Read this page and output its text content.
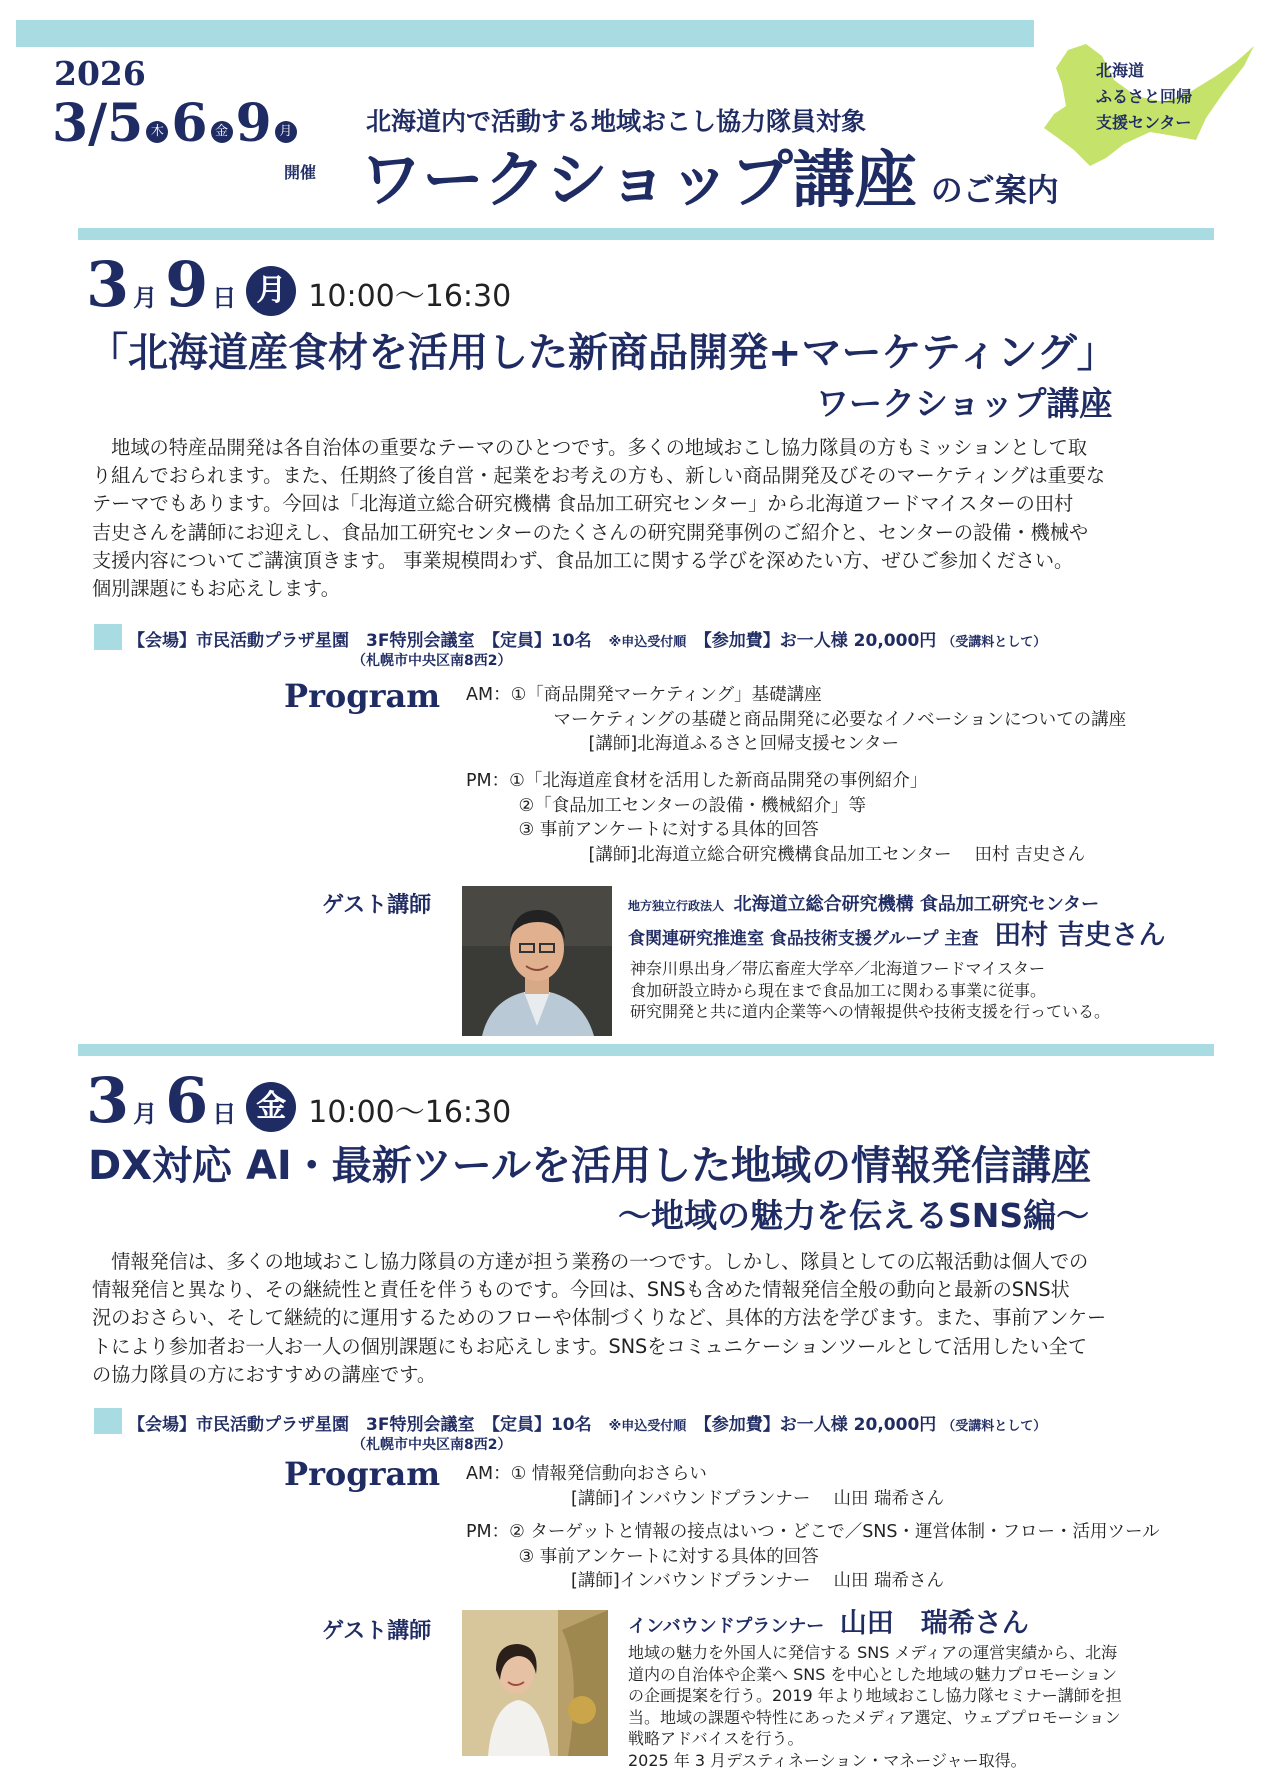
2026
3/5 木 6 金 9 月
開催
北海道内で活動する地域おこし協力隊員対象
ワークショップ講座 のご案内
北海道
ふるさと回帰
支援センター
3 月 9 日 月 10:00〜16:30
「北海道産食材を活用した新商品開発+マーケティング」
ワークショップ講座
　地域の特産品開発は各自治体の重要なテーマのひとつです。多くの地域おこし協力隊員の方もミッションとして取
り組んでおられます。また、任期終了後自営・起業をお考えの方も、新しい商品開発及びそのマーケティングは重要な
テーマでもあります。今回は「北海道立総合研究機構 食品加工研究センター」から北海道フードマイスターの田村
吉史さんを講師にお迎えし、食品加工研究センターのたくさんの研究開発事例のご紹介と、センターの設備・機械や
支援内容についてご講演頂きます。 事業規模問わず、食品加工に関する学びを深めたい方、ぜひご参加ください。
個別課題にもお応えします。
【会場】市民活動プラザ星園　3F特別会議室　 【定員】10名　 ※申込受付順　 【参加費】お一人様 20,000円 （受講料として）
（札幌市中央区南8西2）
Program AM：①「商品開発マーケティング」基礎講座
　　　　　マーケティングの基礎と商品開発に必要なイノベーションについての講座
　　　　　　　[講師]北海道ふるさと回帰支援センター
PM：①「北海道産食材を活用した新商品開発の事例紹介」
　　　②「食品加工センターの設備・機械紹介」等
　　　③ 事前アンケートに対する具体的回答
　　　　　　　[講師]北海道立総合研究機構食品加工センター　 田村 吉史さん
ゲスト講師	地方独立行政法人 北海道立総合研究機構 食品加工研究センター
食関連研究推進室 食品技術支援グループ 主査 田村 吉史さん
神奈川県出身／帯広畜産大学卒／北海道フードマイスター
食加研設立時から現在まで食品加工に関わる事業に従事。
研究開発と共に道内企業等への情報提供や技術支援を行っている。
3 月 6 日 金 10:00〜16:30
DX対応 AI・最新ツールを活用した地域の情報発信講座
〜地域の魅力を伝えるSNS編〜
　情報発信は、多くの地域おこし協力隊員の方達が担う業務の一つです。しかし、隊員としての広報活動は個人での
情報発信と異なり、その継続性と責任を伴うものです。今回は、SNSも含めた情報発信全般の動向と最新のSNS状
況のおさらい、そして継続的に運用するためのフローや体制づくりなど、具体的方法を学びます。また、事前アンケー
トにより参加者お一人お一人の個別課題にもお応えします。SNSをコミュニケーションツールとして活用したい全て
の協力隊員の方におすすめの講座です。
【会場】市民活動プラザ星園　3F特別会議室　 【定員】10名　 ※申込受付順　 【参加費】お一人様 20,000円 （受講料として）
（札幌市中央区南8西2）
Program AM：① 情報発信動向おさらい
　　　　　　[講師]インバウンドプランナー　 山田 瑞希さん
PM：② ターゲットと情報の接点はいつ・どこで／SNS・運営体制・フロー・活用ツール
　　　③ 事前アンケートに対する具体的回答
　　　　　　[講師]インバウンドプランナー　 山田 瑞希さん
ゲスト講師	インバウンドプランナー 山田　瑞希さん
地域の魅力を外国人に発信する SNS メディアの運営実績から、北海
道内の自治体や企業へ SNS を中心とした地域の魅力プロモーション
の企画提案を行う。2019 年より地域おこし協力隊セミナー講師を担
当。地域の課題や特性にあったメディア選定、ウェブプロモーション
戦略アドバイスを行う。
2025 年 3 月デスティネーション・マネージャー取得。
